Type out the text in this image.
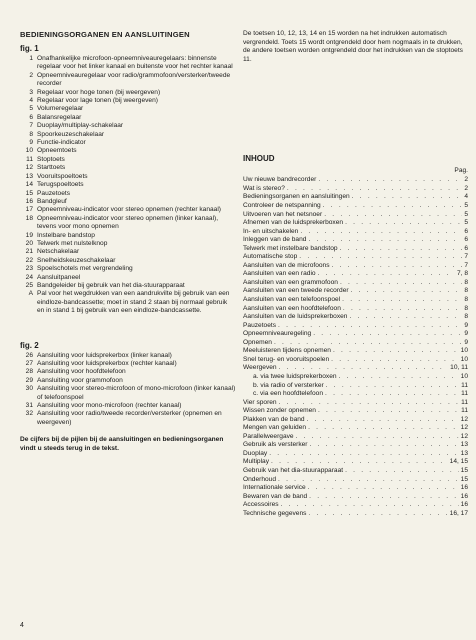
BEDIENINGSORGANEN EN AANSLUITINGEN
fig. 1
1 Onafhankelijke microfoon-opneemniveauregelaars: binnenste regelaar voor het linker kanaal en buitenste voor het rechter kanaal
2 Opneemniveauregelaar voor radio/grammofoon/versterker/tweede recorder
3 Regelaar voor hoge tonen (bij weergeven)
4 Regelaar voor lage tonen (bij weergeven)
5 Volumeregelaar
6 Balansregelaar
7 Duoplay/multiplay-schakelaar
8 Spoorkeuzeschakelaar
9 Functie-indicator
10 Opneemtoets
11 Stoptoets
12 Starttoets
13 Vooruitspoeltoets
14 Terugspoeltoets
15 Pauzetoets
16 Bandgleuf
17 Opneemniveau-indicator voor stereo opnemen (rechter kanaal)
18 Opneemniveau-indicator voor stereo opnemen (linker kanaal), tevens voor mono opnemen
19 Instelbare bandstop
20 Telwerk met nulstelknop
21 Netschakelaar
22 Snelheidskeuzeschakelaar
23 Spoelschotels met vergrendeling
24 Aansluitpaneel
25 Bandgeleider bij gebruik van het dia-stuurapparaat
A Pal voor het wegdrukken van een aandrukvilte bij gebruik van een eindloze-bandcassette; moet in stand 2 staan bij normaal gebruik en in stand 1 bij gebruik van een eindloze-bandcassette.
fig. 2
26 Aansluiting voor luidsprekerbox (linker kanaal)
27 Aansluiting voor luidsprekerbox (rechter kanaal)
28 Aansluiting voor hoofdtelefoon
29 Aansluiting voor grammofoon
30 Aansluiting voor stereo-microfoon of mono-microfoon (linker kanaal) of telefoonspoel
31 Aansluiting voor mono-microfoon (rechter kanaal)
32 Aansluiting voor radio/tweede recorder/versterker (opnemen en weergeven)
De cijfers bij de pijlen bij de aansluitingen en bedieningsorganen vindt u steeds terug in de tekst.

De toetsen 10, 12, 13, 14 en 15 worden na het indrukken automatisch vergrendeld. Toets 15 wordt ontgrendeld door hem nogmaals in te drukken, de andere toetsen worden ontgrendeld door het indrukken van de stoptoets 11.

INHOUD
Pag.
Uw nieuwe bandrecorder . . .	2
Wat is stereo? . . .	2
Bedieningsorganen en aansluitingen . . .	4
Controleer de netspanning . . .	5
Uitvoeren van het netsnoer . . .	5
Afnemen van de luidsprekerboxen . . .	5
In- en uitschakelen . . .	6
Inleggen van de band . . .	6
Telwerk met instelbare bandstop . . .	6
Automatische stop . . .	7
Aansluiten van de microfoons . . .	7
Aansluiten van een radio . . .	7, 8
Aansluiten van een grammofoon . . .	8
Aansluiten van een tweede recorder . . .	8
Aansluiten van een telefoonspoel . . .	8
Aansluiten van een hoofdtelefoon . . .	8
Aansluiten van de luidsprekerboxen . . .	8
Pauzetoets . . .	9
Opneemniveauregeling . . .	9
Opnemen . . .	9
Meeluisteren tijdens opnemen . . .	10
Snel terug- en vooruitspoelen . . .	10
Weergeven . . .	10, 11
a. via twee luidsprekerboxen . . .	10
b. via radio of versterker . . .	11
c. via een hoofdtelefoon . . .	11
Vier sporen . . .	11
Wissen zonder opnemen . . .	11
Plakken van de band . . .	12
Mengen van geluiden . . .	12
Parallelweergave . . .	12
Gebruik als versterker . . .	13
Duoplay . . .	13
Multiplay . . .	14, 15
Gebruik van het dia-stuurapparaat . . .	15
Onderhoud . . .	15
Internationale service . . .	16
Bewaren van de band . . .	16
Accessoires . . .	16
Technische gegevens . . .	16, 17
4
